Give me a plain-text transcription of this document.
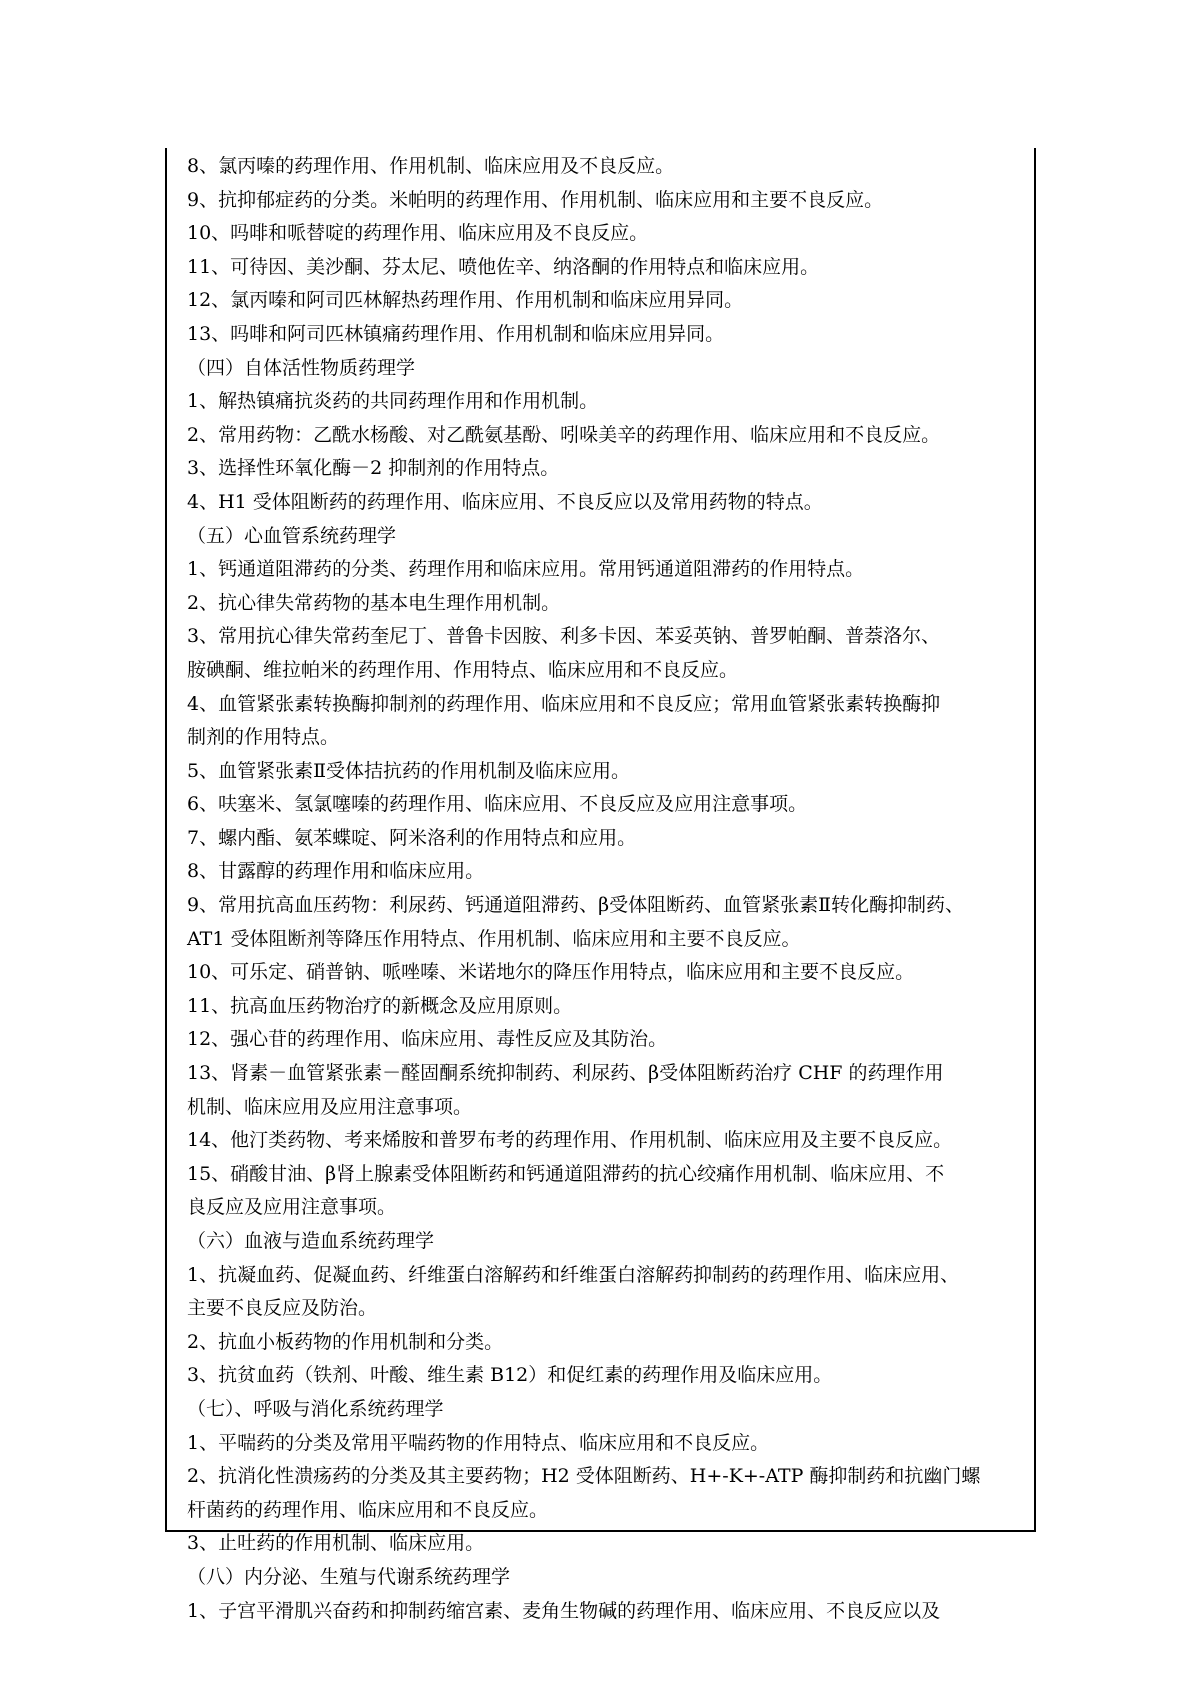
8、氯丙嗪的药理作用、作用机制、临床应用及不良反应。
9、抗抑郁症药的分类。米帕明的药理作用、作用机制、临床应用和主要不良反应。
10、吗啡和哌替啶的药理作用、临床应用及不良反应。
11、可待因、美沙酮、芬太尼、喷他佐辛、纳洛酮的作用特点和临床应用。
12、氯丙嗪和阿司匹林解热药理作用、作用机制和临床应用异同。
13、吗啡和阿司匹林镇痛药理作用、作用机制和临床应用异同。
（四）自体活性物质药理学
1、解热镇痛抗炎药的共同药理作用和作用机制。
2、常用药物：乙酰水杨酸、对乙酰氨基酚、吲哚美辛的药理作用、临床应用和不良反应。
3、选择性环氧化酶－2 抑制剂的作用特点。
4、H1 受体阻断药的药理作用、临床应用、不良反应以及常用药物的特点。
（五）心血管系统药理学
1、钙通道阻滞药的分类、药理作用和临床应用。常用钙通道阻滞药的作用特点。
2、抗心律失常药物的基本电生理作用机制。
3、常用抗心律失常药奎尼丁、普鲁卡因胺、利多卡因、苯妥英钠、普罗帕酮、普萘洛尔、
胺碘酮、维拉帕米的药理作用、作用特点、临床应用和不良反应。
4、血管紧张素转换酶抑制剂的药理作用、临床应用和不良反应；常用血管紧张素转换酶抑
制剂的作用特点。
5、血管紧张素Ⅱ受体拮抗药的作用机制及临床应用。
6、呋塞米、氢氯噻嗪的药理作用、临床应用、不良反应及应用注意事项。
7、螺内酯、氨苯蝶啶、阿米洛利的作用特点和应用。
8、甘露醇的药理作用和临床应用。
9、常用抗高血压药物：利尿药、钙通道阻滞药、β受体阻断药、血管紧张素Ⅱ转化酶抑制药、
AT1 受体阻断剂等降压作用特点、作用机制、临床应用和主要不良反应。
10、可乐定、硝普钠、哌唑嗪、米诺地尔的降压作用特点，临床应用和主要不良反应。
11、抗高血压药物治疗的新概念及应用原则。
12、强心苷的药理作用、临床应用、毒性反应及其防治。
13、肾素－血管紧张素－醛固酮系统抑制药、利尿药、β受体阻断药治疗 CHF 的药理作用
机制、临床应用及应用注意事项。
14、他汀类药物、考来烯胺和普罗布考的药理作用、作用机制、临床应用及主要不良反应。
15、硝酸甘油、β肾上腺素受体阻断药和钙通道阻滞药的抗心绞痛作用机制、临床应用、不
良反应及应用注意事项。
（六）血液与造血系统药理学
1、抗凝血药、促凝血药、纤维蛋白溶解药和纤维蛋白溶解药抑制药的药理作用、临床应用、
主要不良反应及防治。
2、抗血小板药物的作用机制和分类。
3、抗贫血药（铁剂、叶酸、维生素 B12）和促红素的药理作用及临床应用。
（七）、呼吸与消化系统药理学
1、平喘药的分类及常用平喘药物的作用特点、临床应用和不良反应。
2、抗消化性溃疡药的分类及其主要药物；H2 受体阻断药、H+-K+-ATP 酶抑制药和抗幽门螺
杆菌药的药理作用、临床应用和不良反应。
3、止吐药的作用机制、临床应用。
（八）内分泌、生殖与代谢系统药理学
1、子宫平滑肌兴奋药和抑制药缩宫素、麦角生物碱的药理作用、临床应用、不良反应以及
